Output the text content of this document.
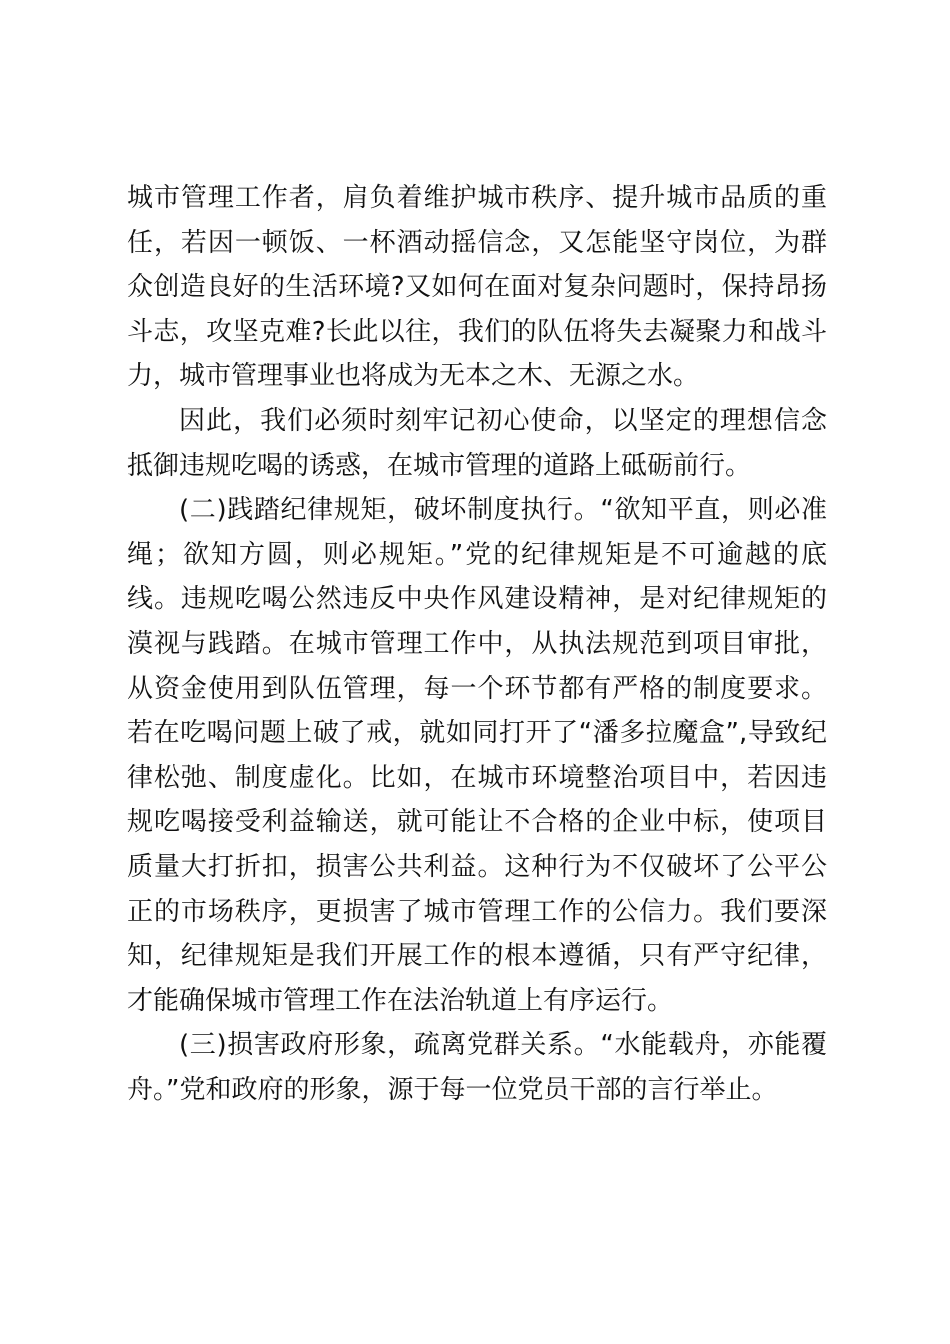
城市管理工作者，肩负着维护城市秩序、提升城市品质的重任，若因一顿饭、一杯酒动摇信念，又怎能坚守岗位，为群众创造良好的生活环境?又如何在面对复杂问题时，保持昂扬斗志，攻坚克难?长此以往，我们的队伍将失去凝聚力和战斗力，城市管理事业也将成为无本之木、无源之水。

因此，我们必须时刻牢记初心使命，以坚定的理想信念抵御违规吃喝的诱惑，在城市管理的道路上砥砺前行。

(二)践踏纪律规矩，破坏制度执行。“欲知平直，则必准绳；欲知方圆，则必规矩。”党的纪律规矩是不可逾越的底线。违规吃喝公然违反中央作风建设精神，是对纪律规矩的漠视与践踏。在城市管理工作中，从执法规范到项目审批，从资金使用到队伍管理，每一个环节都有严格的制度要求。若在吃喝问题上破了戒，就如同打开了“潘多拉魔盒”,导致纪律松弛、制度虚化。比如，在城市环境整治项目中，若因违规吃喝接受利益输送，就可能让不合格的企业中标，使项目质量大打折扣，损害公共利益。这种行为不仅破坏了公平公正的市场秩序，更损害了城市管理工作的公信力。我们要深知，纪律规矩是我们开展工作的根本遵循，只有严守纪律，才能确保城市管理工作在法治轨道上有序运行。

(三)损害政府形象，疏离党群关系。“水能载舟，亦能覆舟。”党和政府的形象，源于每一位党员干部的言行举止。
